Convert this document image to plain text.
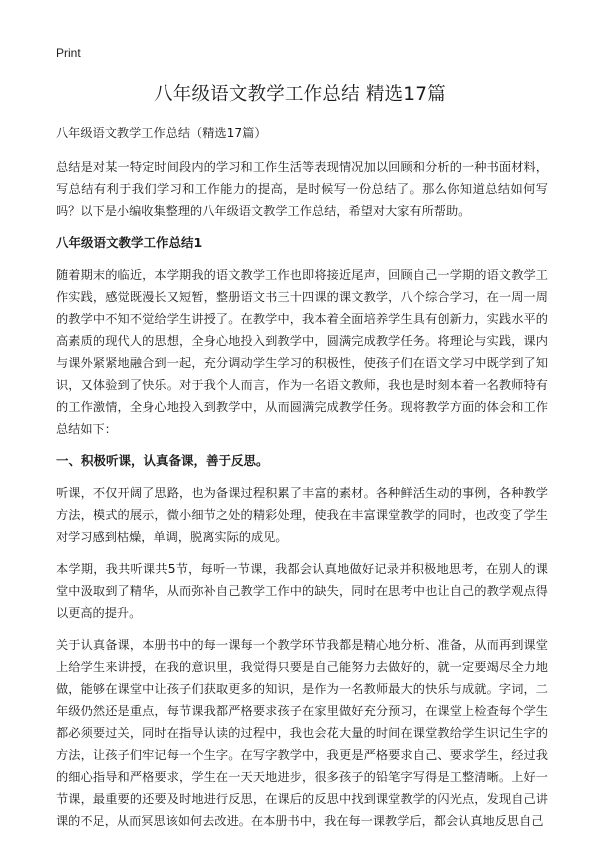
Print
八年级语文教学工作总结 精选17篇

八年级语文教学工作总结（精选17篇）

总结是对某一特定时间段内的学习和工作生活等表现情况加以回顾和分析的一种书面材料，写总结有利于我们学习和工作能力的提高，是时候写一份总结了。那么你知道总结如何写吗？以下是小编收集整理的八年级语文教学工作总结，希望对大家有所帮助。

八年级语文教学工作总结1

随着期末的临近，本学期我的语文教学工作也即将接近尾声，回顾自己一学期的语文教学工作实践，感觉既漫长又短暂，整册语文书三十四课的课文教学，八个综合学习，在一周一周的教学中不知不觉给学生讲授了。在教学中，我本着全面培养学生具有创新力，实践水平的高素质的现代人的思想，全身心地投入到教学中，圆满完成教学任务。将理论与实践，课内与课外紧紧地融合到一起，充分调动学生学习的积极性，使孩子们在语文学习中既学到了知识，又体验到了快乐。对于我个人而言，作为一名语文教师，我也是时刻本着一名教师特有的工作激情，全身心地投入到教学中，从而圆满完成教学任务。现将教学方面的体会和工作总结如下：

一、积极听课，认真备课，善于反思。

听课，不仅开阔了思路，也为备课过程积累了丰富的素材。各种鲜活生动的事例，各种教学方法，模式的展示，微小细节之处的精彩处理，使我在丰富课堂教学的同时，也改变了学生对学习感到枯燥，单调，脱离实际的成见。

本学期，我共听课共5节，每听一节课，我都会认真地做好记录并积极地思考，在别人的课堂中汲取到了精华，从而弥补自己教学工作中的缺失，同时在思考中也让自己的教学观点得以更高的提升。

关于认真备课，本册书中的每一课每一个教学环节我都是精心地分析、准备，从而再到课堂上给学生来讲授，在我的意识里，我觉得只要是自己能努力去做好的，就一定要竭尽全力地做，能够在课堂中让孩子们获取更多的知识，是作为一名教师最大的快乐与成就。字词，二年级仍然还是重点，每节课我都严格要求孩子在家里做好充分预习，在课堂上检查每个学生都必须要过关，同时在指导认读的过程中，我也会花大量的时间在课堂教给学生识记生字的方法，让孩子们牢记每一个生字。在写字教学中，我更是严格要求自己、要求学生，经过我的细心指导和严格要求，学生在一天天地进步，很多孩子的铅笔字写得是工整清晰。上好一节课，最重要的还要及时地进行反思，在课后的反思中找到课堂教学的闪光点，发现自己讲课的不足，从而冥思该如何去改进。在本册书中，我在每一课教学后，都会认真地反思自己
